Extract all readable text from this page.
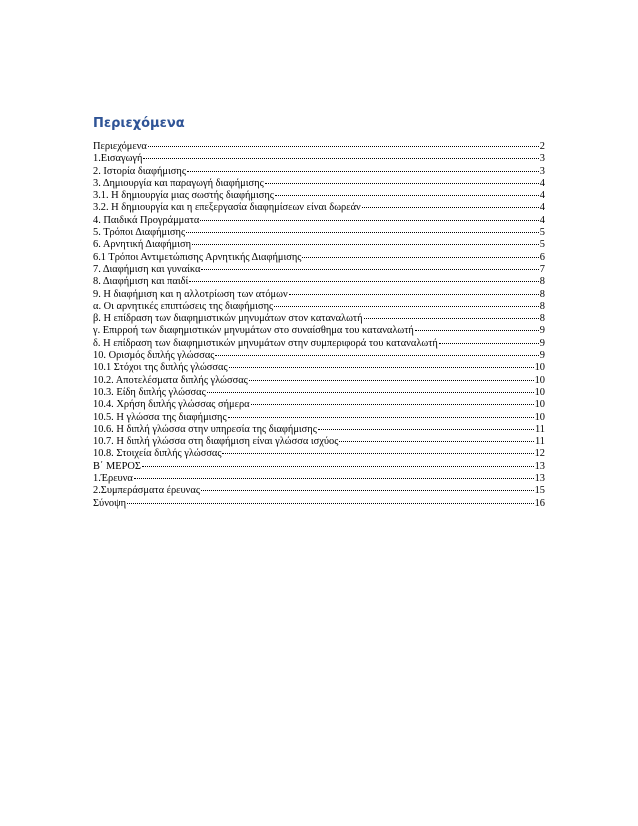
Περιεχόμενα
Περιεχόμενα	2
1.Εισαγωγή	3
2. Ιστορία διαφήμισης	3
3. Δημιουργία και παραγωγή διαφήμισης	4
3.1. Η δημιουργία μιας σωστής διαφήμισης	4
3.2. Η δημιουργία και η επεξεργασία διαφημίσεων είναι δωρεάν	4
4. Παιδικά Προγράμματα	4
5. Τρόποι Διαφήμισης	5
6. Αρνητική Διαφήμιση	5
6.1 Τρόποι Αντιμετώπισης Αρνητικής Διαφήμισης	6
7. Διαφήμιση και γυναίκα	7
8. Διαφήμιση και παιδί	8
9. Η διαφήμιση και η αλλοτρίωση των ατόμων	8
α. Οι αρνητικές επιπτώσεις της διαφήμισης	8
β. Η επίδραση των διαφημιστικών μηνυμάτων στον καταναλωτή	8
γ. Επιρροή των διαφημιστικών μηνυμάτων στο συναίσθημα του καταναλωτή	9
δ. Η επίδραση των διαφημιστικών μηνυμάτων στην συμπεριφορά του καταναλωτή	9
10. Ορισμός διπλής γλώσσας	9
10.1 Στόχοι της διπλής γλώσσας	10
10.2. Αποτελέσματα διπλής γλώσσας	10
10.3. Είδη διπλής γλώσσας	10
10.4. Χρήση διπλής γλώσσας σήμερα	10
10.5. Η γλώσσα της διαφήμισης	10
10.6. Η διπλή γλώσσα στην υπηρεσία της διαφήμισης	11
10.7. Η διπλή γλώσσα στη διαφήμιση είναι γλώσσα ισχύος	11
10.8. Στοιχεία διπλής γλώσσας	12
Β΄ ΜΕΡΟΣ	13
1.Έρευνα	13
2.Συμπεράσματα έρευνας	15
Σύνοψη	16
